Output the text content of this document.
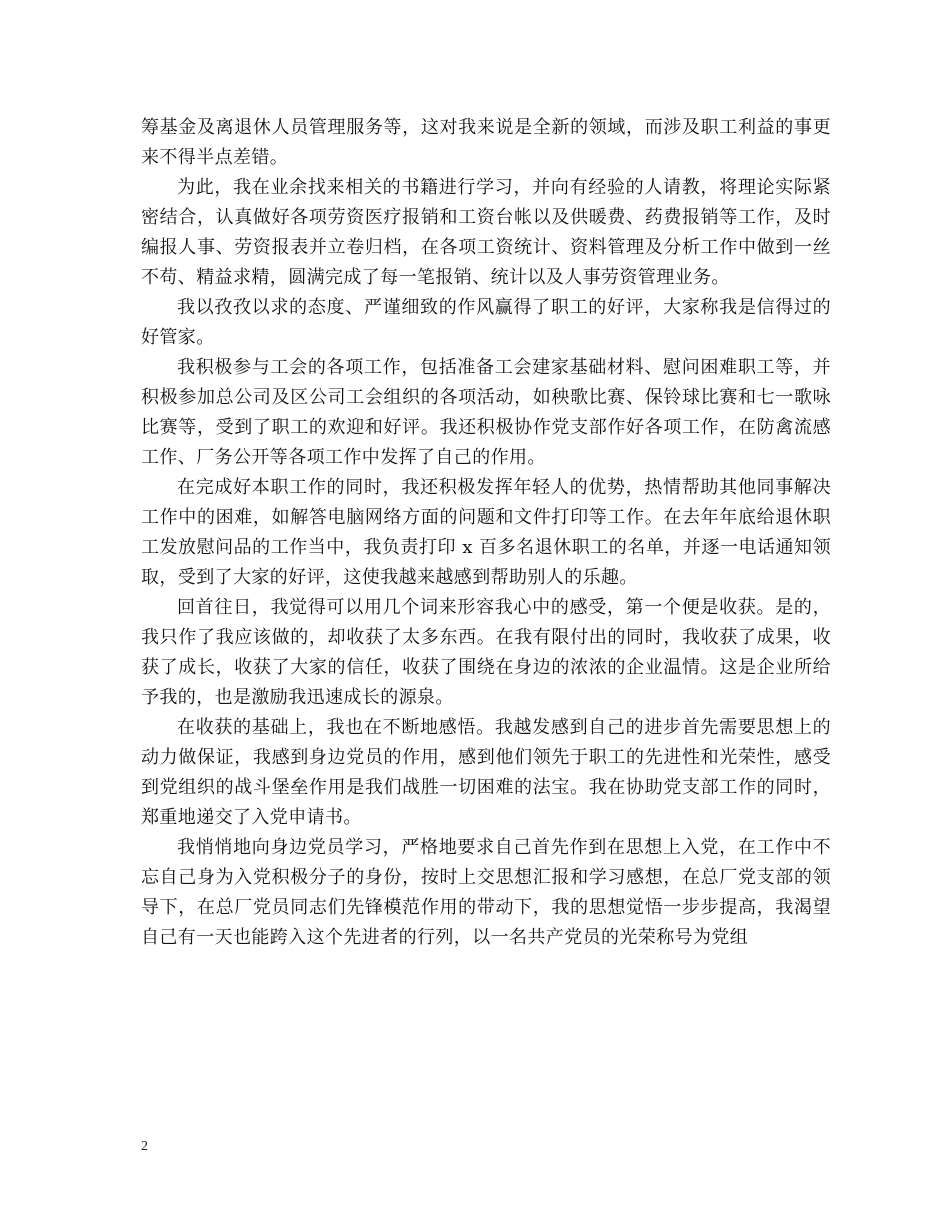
筹基金及离退休人员管理服务等，这对我来说是全新的领域，而涉及职工利益的事更来不得半点差错。

为此，我在业余找来相关的书籍进行学习，并向有经验的人请教，将理论实际紧密结合，认真做好各项劳资医疗报销和工资台帐以及供暖费、药费报销等工作，及时编报人事、劳资报表并立卷归档，在各项工资统计、资料管理及分析工作中做到一丝不苟、精益求精，圆满完成了每一笔报销、统计以及人事劳资管理业务。

我以孜孜以求的态度、严谨细致的作风赢得了职工的好评，大家称我是信得过的好管家。

我积极参与工会的各项工作，包括准备工会建家基础材料、慰问困难职工等，并积极参加总公司及区公司工会组织的各项活动，如秧歌比赛、保铃球比赛和七一歌咏比赛等，受到了职工的欢迎和好评。我还积极协作党支部作好各项工作，在防禽流感工作、厂务公开等各项工作中发挥了自己的作用。

在完成好本职工作的同时，我还积极发挥年轻人的优势，热情帮助其他同事解决工作中的困难，如解答电脑网络方面的问题和文件打印等工作。在去年年底给退休职工发放慰问品的工作当中，我负责打印 x 百多名退休职工的名单，并逐一电话通知领取，受到了大家的好评，这使我越来越感到帮助别人的乐趣。

回首往日，我觉得可以用几个词来形容我心中的感受，第一个便是收获。是的，我只作了我应该做的，却收获了太多东西。在我有限付出的同时，我收获了成果，收获了成长，收获了大家的信任，收获了围绕在身边的浓浓的企业温情。这是企业所给予我的，也是激励我迅速成长的源泉。

在收获的基础上，我也在不断地感悟。我越发感到自己的进步首先需要思想上的动力做保证，我感到身边党员的作用，感到他们领先于职工的先进性和光荣性，感受到党组织的战斗堡垒作用是我们战胜一切困难的法宝。我在协助党支部工作的同时，郑重地递交了入党申请书。

我悄悄地向身边党员学习，严格地要求自己首先作到在思想上入党，在工作中不忘自己身为入党积极分子的身份，按时上交思想汇报和学习感想，在总厂党支部的领导下，在总厂党员同志们先锋模范作用的带动下，我的思想觉悟一步步提高，我渴望自己有一天也能跨入这个先进者的行列，以一名共产党员的光荣称号为党组

2
